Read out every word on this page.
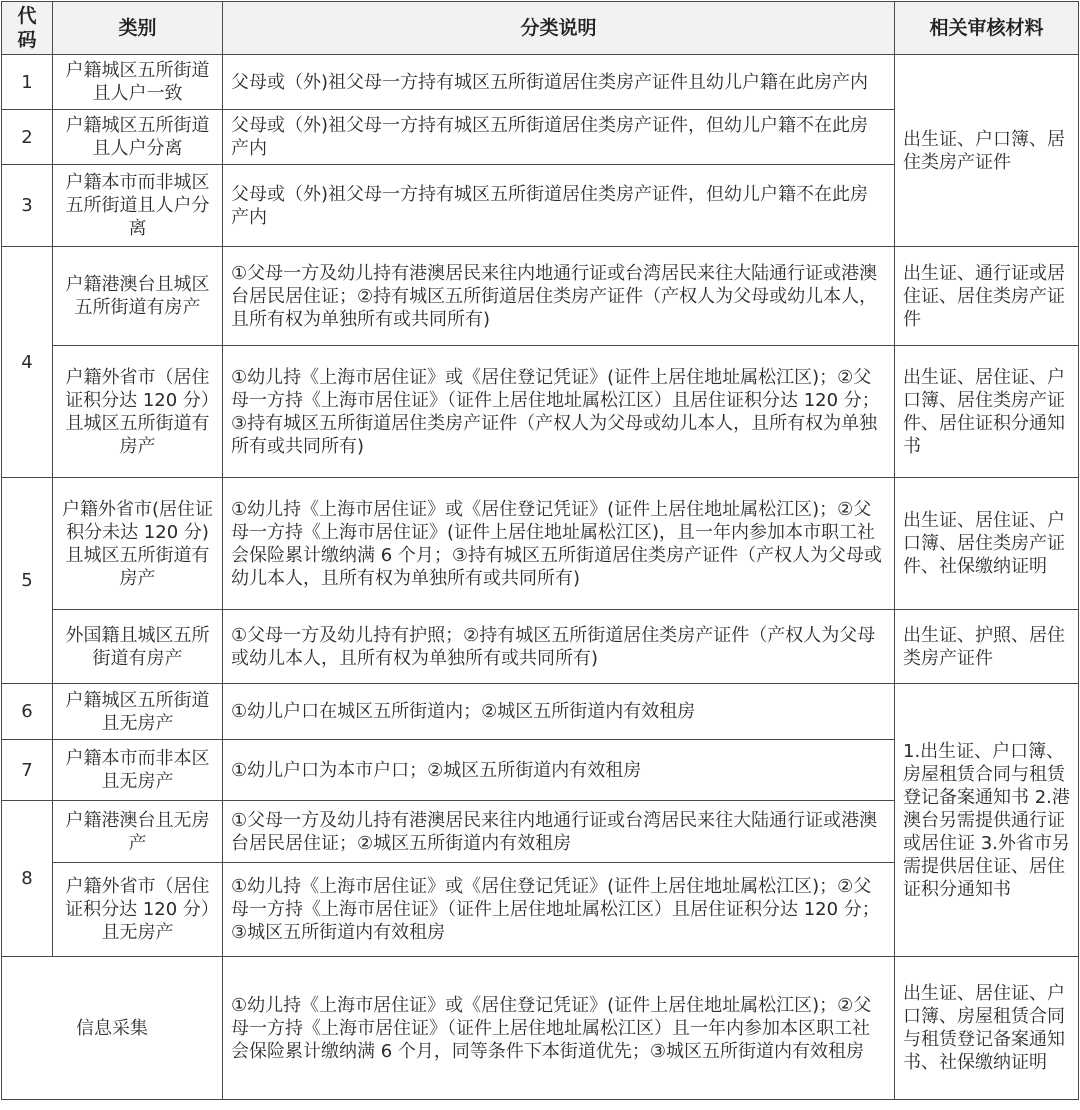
代码	类别	分类说明	相关审核材料
1	户籍城区五所街道且人户一致	父母或（外)祖父母一方持有城区五所街道居住类房产证件且幼儿户籍在此房产内	出生证、户口簿、居住类房产证件
2	户籍城区五所街道且人户分离	父母或（外)祖父母一方持有城区五所街道居住类房产证件，但幼儿户籍不在此房产内	
3	户籍本市而非城区五所街道且人户分离	父母或（外)祖父母一方持有城区五所街道居住类房产证件，但幼儿户籍不在此房产内	
4	户籍港澳台且城区五所街道有房产	①父母一方及幼儿持有港澳居民来往内地通行证或台湾居民来往大陆通行证或港澳台居民居住证；②持有城区五所街道居住类房产证件（产权人为父母或幼儿本人，且所有权为单独所有或共同所有)	出生证、通行证或居住证、居住类房产证件
	户籍外省市（居住证积分达 120 分）且城区五所街道有房产	①幼儿持《上海市居住证》或《居住登记凭证》(证件上居住地址属松江区)；②父母一方持《上海市居住证》（证件上居住地址属松江区）且居住证积分达 120 分；③持有城区五所街道居住类房产证件（产权人为父母或幼儿本人，且所有权为单独所有或共同所有)	出生证、居住证、户口簿、居住类房产证件、居住证积分通知书
5	户籍外省市(居住证积分未达 120 分)且城区五所街道有房产	①幼儿持《上海市居住证》或《居住登记凭证》(证件上居住地址属松江区)；②父母一方持《上海市居住证》(证件上居住地址属松江区)，且一年内参加本市职工社会保险累计缴纳满 6 个月；③持有城区五所街道居住类房产证件（产权人为父母或幼儿本人，且所有权为单独所有或共同所有)	出生证、居住证、户口簿、居住类房产证件、社保缴纳证明
	外国籍且城区五所街道有房产	①父母一方及幼儿持有护照；②持有城区五所街道居住类房产证件（产权人为父母或幼儿本人，且所有权为单独所有或共同所有)	出生证、护照、居住类房产证件
6	户籍城区五所街道且无房产	①幼儿户口在城区五所街道内；②城区五所街道内有效租房	1.出生证、户口簿、房屋租赁合同与租赁登记备案通知书 2.港澳台另需提供通行证或居住证 3.外省市另需提供居住证、居住证积分通知书
7	户籍本市而非本区且无房产	①幼儿户口为本市户口；②城区五所街道内有效租房	
8	户籍港澳台且无房产	①父母一方及幼儿持有港澳居民来往内地通行证或台湾居民来往大陆通行证或港澳台居民居住证；②城区五所街道内有效租房	
	户籍外省市（居住证积分达 120 分）且无房产	①幼儿持《上海市居住证》或《居住登记凭证》(证件上居住地址属松江区)；②父母一方持《上海市居住证》（证件上居住地址属松江区）且居住证积分达 120 分；③城区五所街道内有效租房	
信息采集		①幼儿持《上海市居住证》或《居住登记凭证》(证件上居住地址属松江区)；②父母一方持《上海市居住证》（证件上居住地址属松江区）且一年内参加本区职工社会保险累计缴纳满 6 个月，同等条件下本街道优先；③城区五所街道内有效租房	出生证、居住证、户口簿、房屋租赁合同与租赁登记备案通知书、社保缴纳证明
